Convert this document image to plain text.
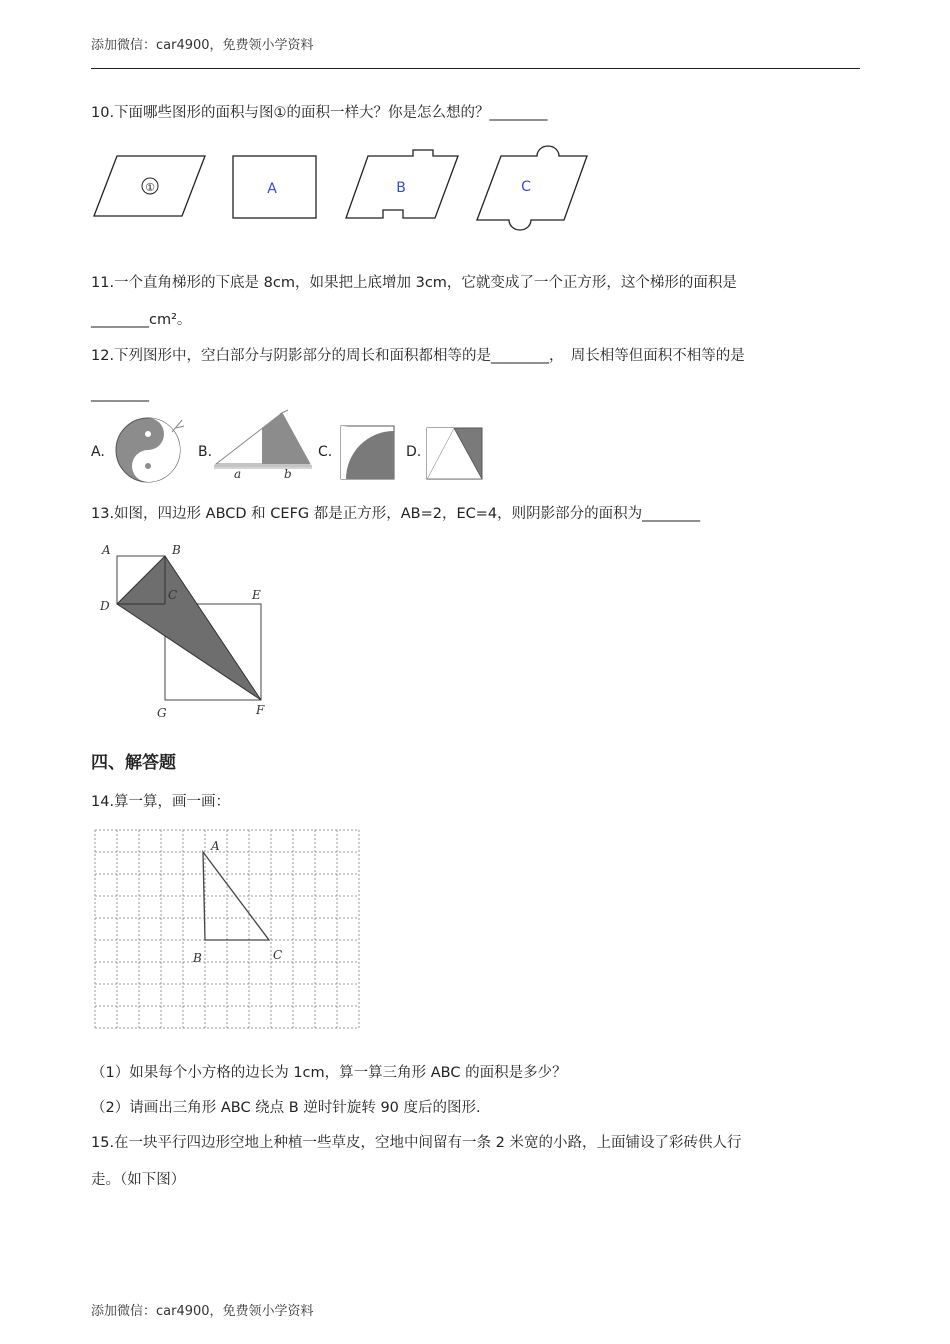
添加微信：car4900，免费领小学资料
10.下面哪些图形的面积与图①的面积一样大？你是怎么想的？________
①	A	B	C
11.一个直角梯形的下底是 8cm，如果把上底增加 3cm，它就变成了一个正方形，这个梯形的面积是
________cm²。
12.下列图形中，空白部分与阴影部分的周长和面积都相等的是________，　周长相等但面积不相等的是
________
A.	B.
a	b
C.	D.
13.如图，四边形 ABCD 和 CEFG 都是正方形，AB=2，EC=4，则阴影部分的面积为________
A	B
C
D
E
F
G
四、解答题
14.算一算，画一画：
A
B	C
（1）如果每个小方格的边长为 1cm，算一算三角形 ABC 的面积是多少？
（2）请画出三角形 ABC 绕点 B 逆时针旋转 90 度后的图形.
15.在一块平行四边形空地上种植一些草皮，空地中间留有一条 2 米宽的小路，上面铺设了彩砖供人行
走。（如下图）
添加微信：car4900，免费领小学资料
